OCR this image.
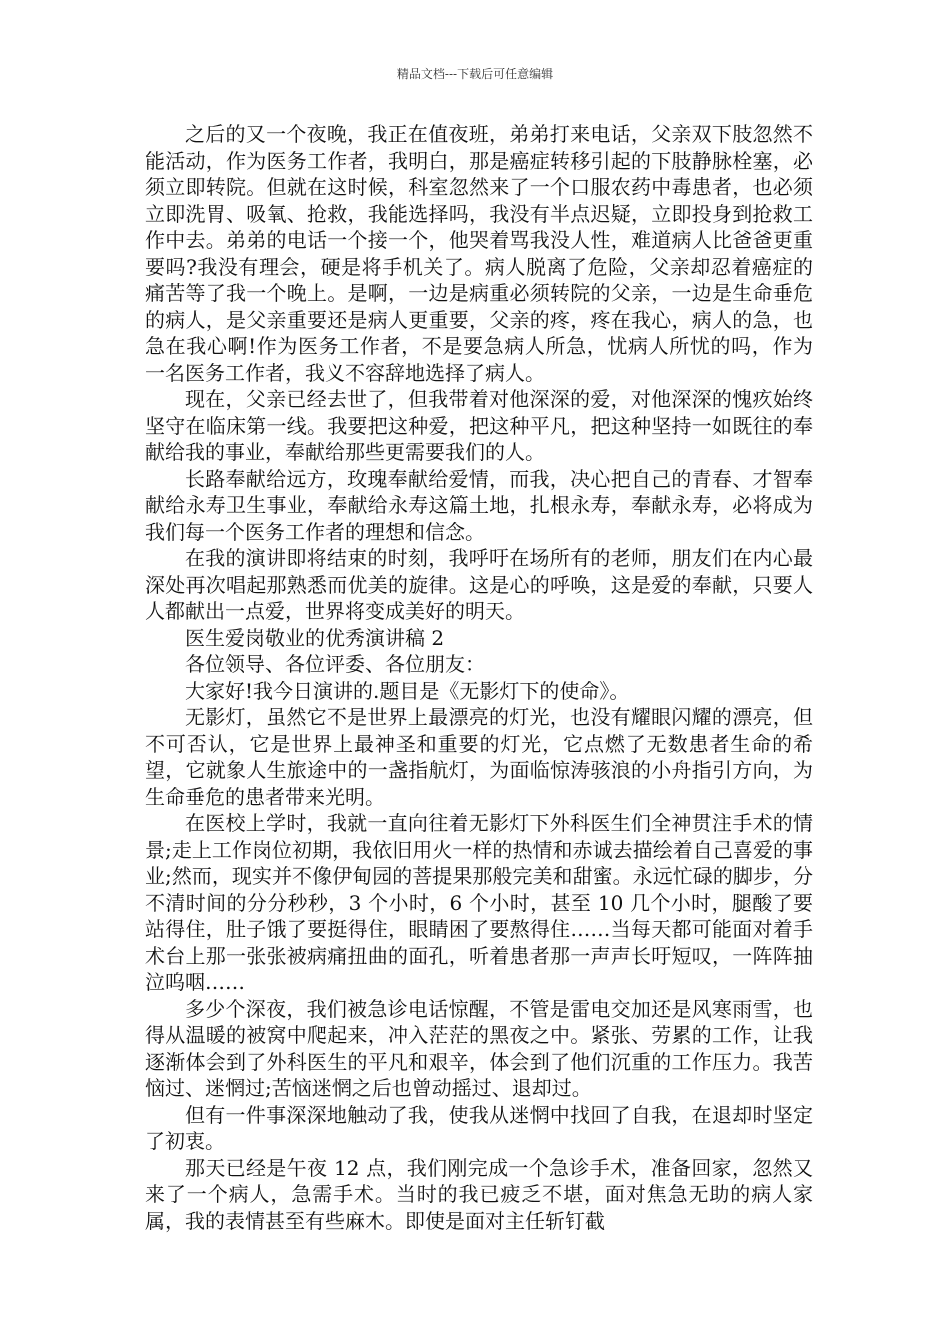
精品文档---下载后可任意编辑

之后的又一个夜晚，我正在值夜班，弟弟打来电话，父亲双下肢忽然不能活动，作为医务工作者，我明白，那是癌症转移引起的下肢静脉栓塞，必须立即转院。但就在这时候，科室忽然来了一个口服农药中毒患者，也必须立即洗胃、吸氧、抢救，我能选择吗，我没有半点迟疑，立即投身到抢救工作中去。弟弟的电话一个接一个，他哭着骂我没人性，难道病人比爸爸更重要吗?我没有理会，硬是将手机关了。病人脱离了危险，父亲却忍着癌症的痛苦等了我一个晚上。是啊，一边是病重必须转院的父亲，一边是生命垂危的病人，是父亲重要还是病人更重要，父亲的疼，疼在我心，病人的急，也急在我心啊!作为医务工作者，不是要急病人所急，忧病人所忧的吗，作为一名医务工作者，我义不容辞地选择了病人。

现在，父亲已经去世了，但我带着对他深深的爱，对他深深的愧疚始终坚守在临床第一线。我要把这种爱，把这种平凡，把这种坚持一如既往的奉献给我的事业，奉献给那些更需要我们的人。

长路奉献给远方，玫瑰奉献给爱情，而我，决心把自己的青春、才智奉献给永寿卫生事业，奉献给永寿这篇土地，扎根永寿，奉献永寿，必将成为我们每一个医务工作者的理想和信念。

在我的演讲即将结束的时刻，我呼吁在场所有的老师，朋友们在内心最深处再次唱起那熟悉而优美的旋律。这是心的呼唤，这是爱的奉献，只要人人都献出一点爱，世界将变成美好的明天。

医生爱岗敬业的优秀演讲稿 2

各位领导、各位评委、各位朋友：

大家好!我今日演讲的.题目是《无影灯下的使命》。

无影灯，虽然它不是世界上最漂亮的灯光，也没有耀眼闪耀的漂亮，但不可否认，它是世界上最神圣和重要的灯光，它点燃了无数患者生命的希望，它就象人生旅途中的一盏指航灯，为面临惊涛骇浪的小舟指引方向，为生命垂危的患者带来光明。

在医校上学时，我就一直向往着无影灯下外科医生们全神贯注手术的情景;走上工作岗位初期，我依旧用火一样的热情和赤诚去描绘着自己喜爱的事业;然而，现实并不像伊甸园的菩提果那般完美和甜蜜。永远忙碌的脚步，分不清时间的分分秒秒，3 个小时，6 个小时，甚至 10 几个小时，腿酸了要站得住，肚子饿了要挺得住，眼睛困了要熬得住……当每天都可能面对着手术台上那一张张被病痛扭曲的面孔，听着患者那一声声长吁短叹，一阵阵抽泣呜咽……

多少个深夜，我们被急诊电话惊醒，不管是雷电交加还是风寒雨雪，也得从温暖的被窝中爬起来，冲入茫茫的黑夜之中。紧张、劳累的工作，让我逐渐体会到了外科医生的平凡和艰辛，体会到了他们沉重的工作压力。我苦恼过、迷惘过;苦恼迷惘之后也曾动摇过、退却过。

但有一件事深深地触动了我，使我从迷惘中找回了自我，在退却时坚定了初衷。

那天已经是午夜 12 点，我们刚完成一个急诊手术，准备回家，忽然又来了一个病人，急需手术。当时的我已疲乏不堪，面对焦急无助的病人家属，我的表情甚至有些麻木。即使是面对主任斩钉截
